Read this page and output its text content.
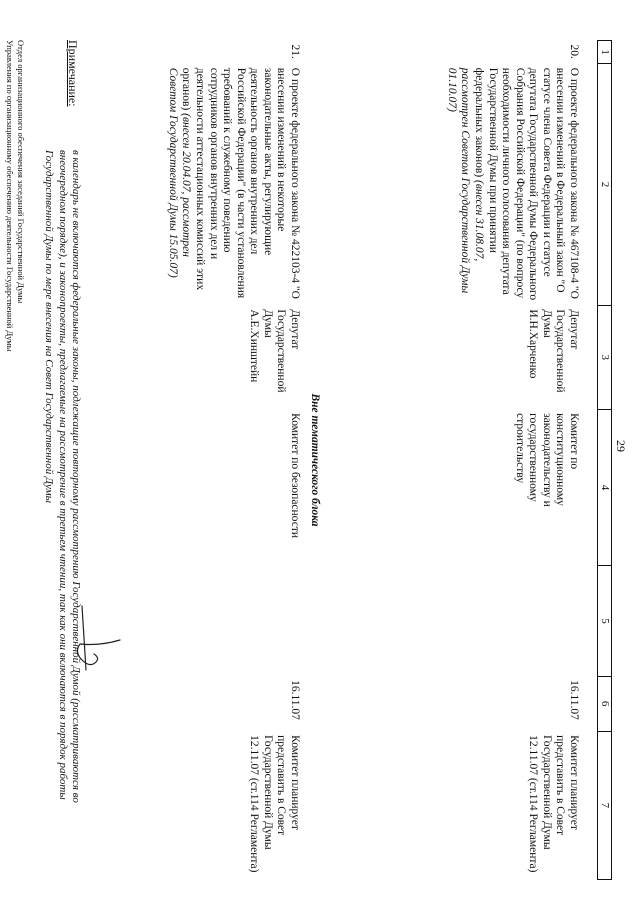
29
1	2	3	4	5	6	7

20.	О проекте федерального закона № 467108-4 "О внесении изменений в Федеральный закон "О статусе члена Совета Федерации и статусе депутата Государственной Думы Федерального Собрания Российской Федерации" (по вопросу необходимости личного голосования депутата Государственной Думы при принятии федеральных законов) (внесен 31.08.07, рассмотрен Советом Государственной Думы 01.10.07)	Депутат Государственной Думы И.Н.Харченко	Комитет по конституционному законодательству и государственному строительству		16.11.07	Комитет планирует представить в Совет Государственной Думы 12.11.07 (ст.114 Регламента)
Вне тематического блока						
21.	О проекте федерального закона № 422103-4 "О внесении изменений в некоторые законодательные акты, регулирующие деятельность органов внутренних дел Российской Федерации" (в части установления требований к служебному поведению сотрудников органов внутренних дел и деятельности аттестационных комиссий этих органов) (внесен 20.04.07, рассмотрен Советом Государственной Думы 15.05.07)	Депутат Государственной Думы А.Е.Хинштейн	Комитет по безопасности		16.11.07	Комитет планирует представить в Совет Государственной Думы 12.11.07 (ст.114 Регламента)
Примечание:
в календарь не включаются федеральные законы, подлежащие повторному рассмотрению Государственной Думой (рассматриваются во внеочередном порядке), и законопроекты, предлагаемые на рассмотрение в третьем чтении, так как они включаются в порядок работы Государственной Думы по мере внесения на Совет Государственной Думы
Отдел организационного обеспечения заседаний Государственной Думы
Управления по организационному обеспечению деятельности Государственной Думы
